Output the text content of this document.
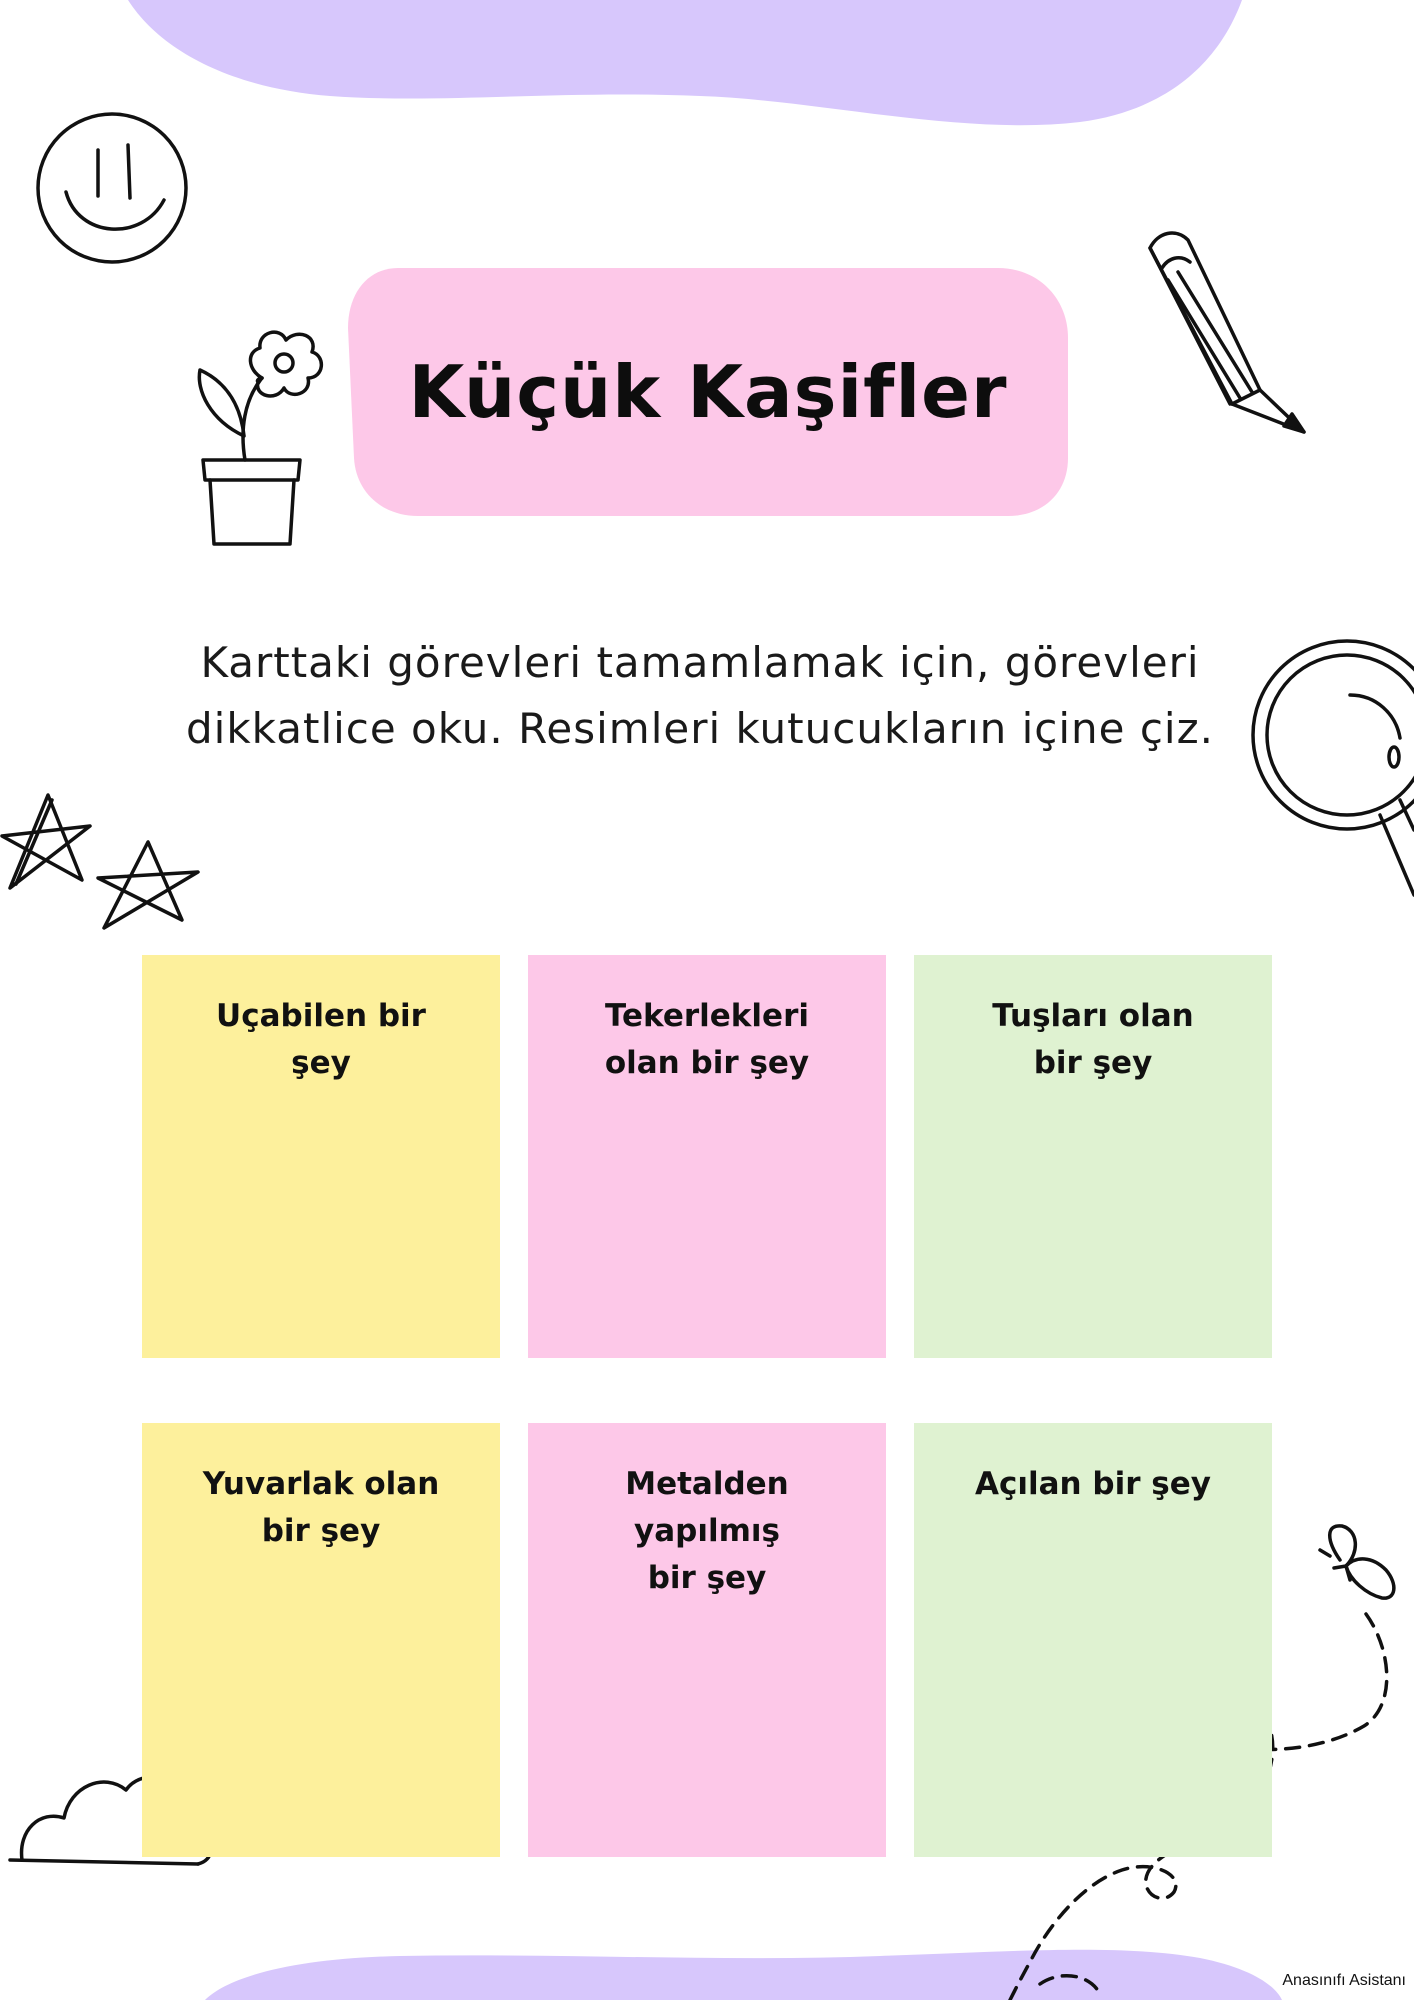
Küçük Kaşifler
Karttaki görevleri tamamlamak için, görevleri
dikkatlice oku. Resimleri kutucukların içine çiz.
Uçabilen bir
şey
Tekerlekleri
olan bir şey
Tuşları olan
bir şey
Yuvarlak olan
bir şey
Metalden yapılmış
bir şey
Açılan bir şey
Anasınıfı Asistanı
